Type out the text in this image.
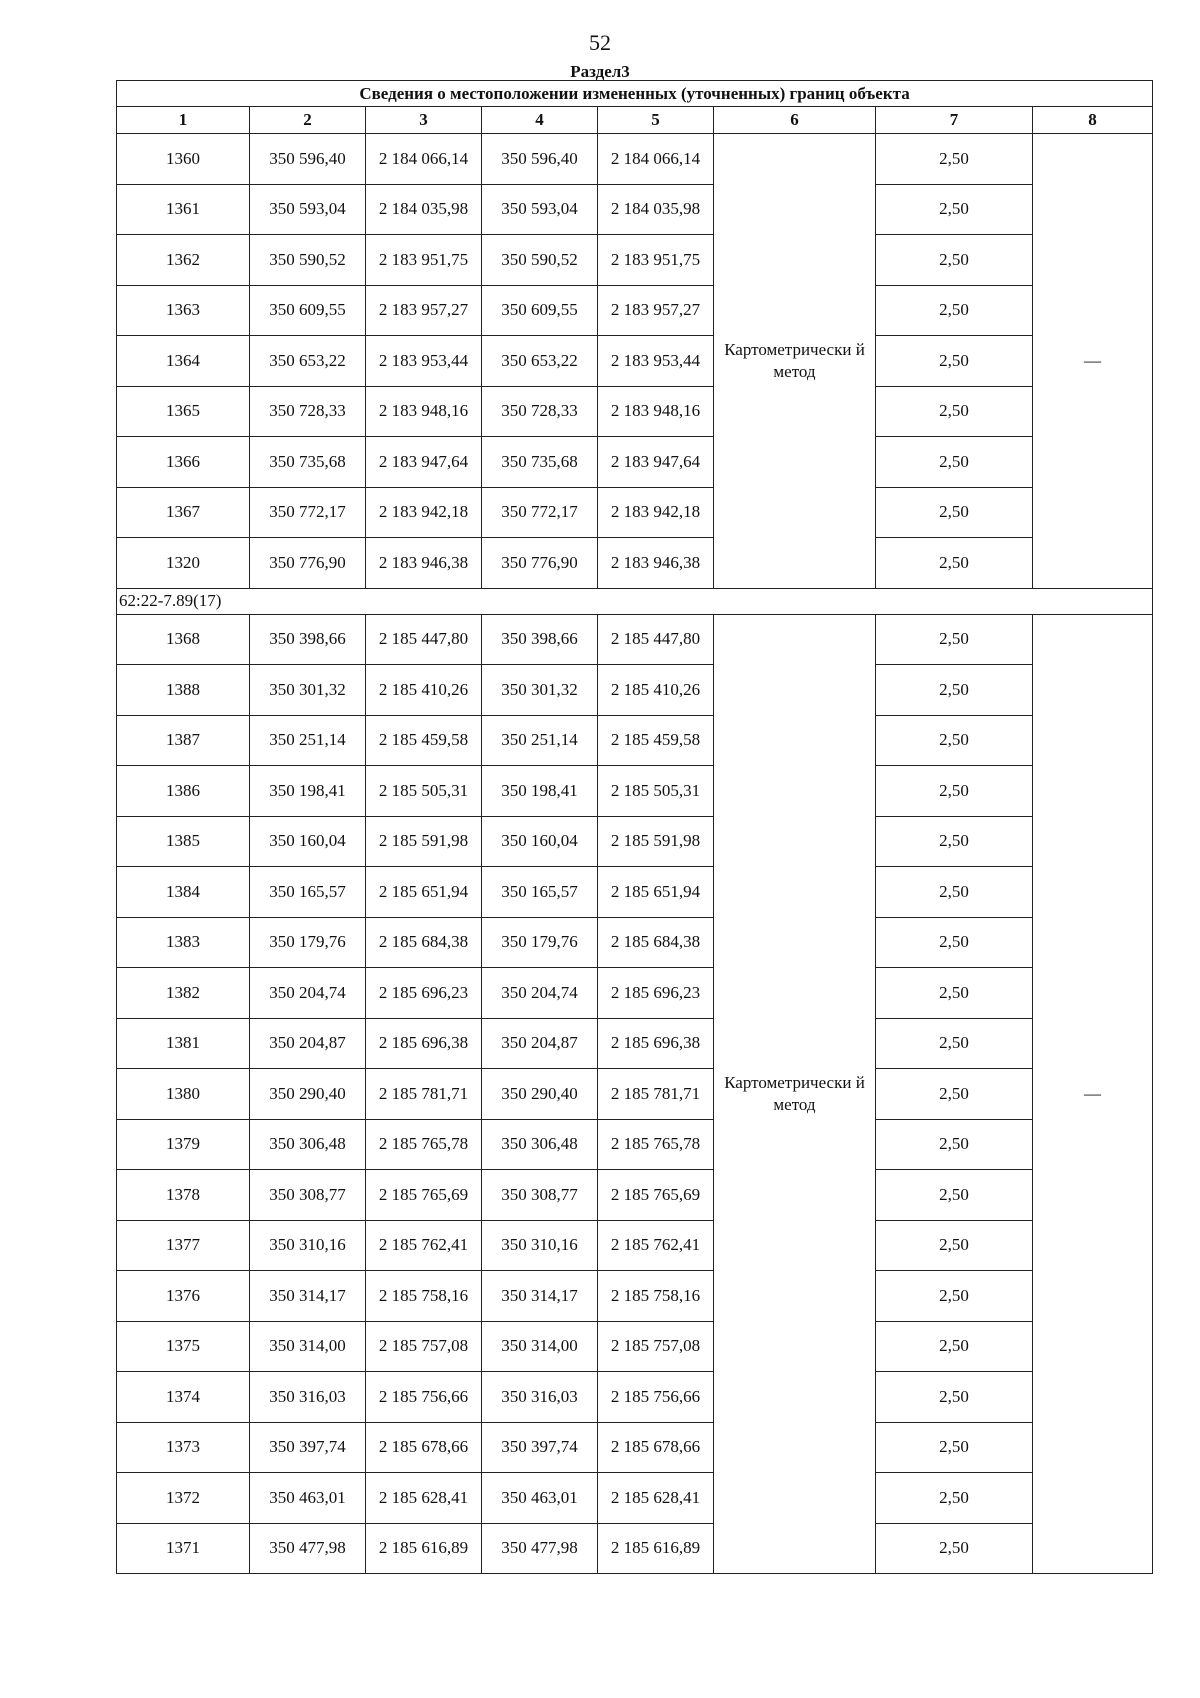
52
Раздел3
Сведения о местоположении измененных (уточненных) границ объекта							
1	2	3	4	5	6	7	8
1360	350 596,40	2 184 066,14	350 596,40	2 184 066,14	Картометрически й метод	2,50	—
1361	350 593,04	2 184 035,98	350 593,04	2 184 035,98		2,50	
1362	350 590,52	2 183 951,75	350 590,52	2 183 951,75		2,50	
1363	350 609,55	2 183 957,27	350 609,55	2 183 957,27		2,50	
1364	350 653,22	2 183 953,44	350 653,22	2 183 953,44		2,50	
1365	350 728,33	2 183 948,16	350 728,33	2 183 948,16		2,50	
1366	350 735,68	2 183 947,64	350 735,68	2 183 947,64		2,50	
1367	350 772,17	2 183 942,18	350 772,17	2 183 942,18		2,50	
1320	350 776,90	2 183 946,38	350 776,90	2 183 946,38		2,50	
62:22-7.89(17)							
1368	350 398,66	2 185 447,80	350 398,66	2 185 447,80	Картометрически й метод	2,50	—
1388	350 301,32	2 185 410,26	350 301,32	2 185 410,26		2,50	
1387	350 251,14	2 185 459,58	350 251,14	2 185 459,58		2,50	
1386	350 198,41	2 185 505,31	350 198,41	2 185 505,31		2,50	
1385	350 160,04	2 185 591,98	350 160,04	2 185 591,98		2,50	
1384	350 165,57	2 185 651,94	350 165,57	2 185 651,94		2,50	
1383	350 179,76	2 185 684,38	350 179,76	2 185 684,38		2,50	
1382	350 204,74	2 185 696,23	350 204,74	2 185 696,23		2,50	
1381	350 204,87	2 185 696,38	350 204,87	2 185 696,38		2,50	
1380	350 290,40	2 185 781,71	350 290,40	2 185 781,71		2,50	
1379	350 306,48	2 185 765,78	350 306,48	2 185 765,78		2,50	
1378	350 308,77	2 185 765,69	350 308,77	2 185 765,69		2,50	
1377	350 310,16	2 185 762,41	350 310,16	2 185 762,41		2,50	
1376	350 314,17	2 185 758,16	350 314,17	2 185 758,16		2,50	
1375	350 314,00	2 185 757,08	350 314,00	2 185 757,08		2,50	
1374	350 316,03	2 185 756,66	350 316,03	2 185 756,66		2,50	
1373	350 397,74	2 185 678,66	350 397,74	2 185 678,66		2,50	
1372	350 463,01	2 185 628,41	350 463,01	2 185 628,41		2,50	
1371	350 477,98	2 185 616,89	350 477,98	2 185 616,89		2,50	
